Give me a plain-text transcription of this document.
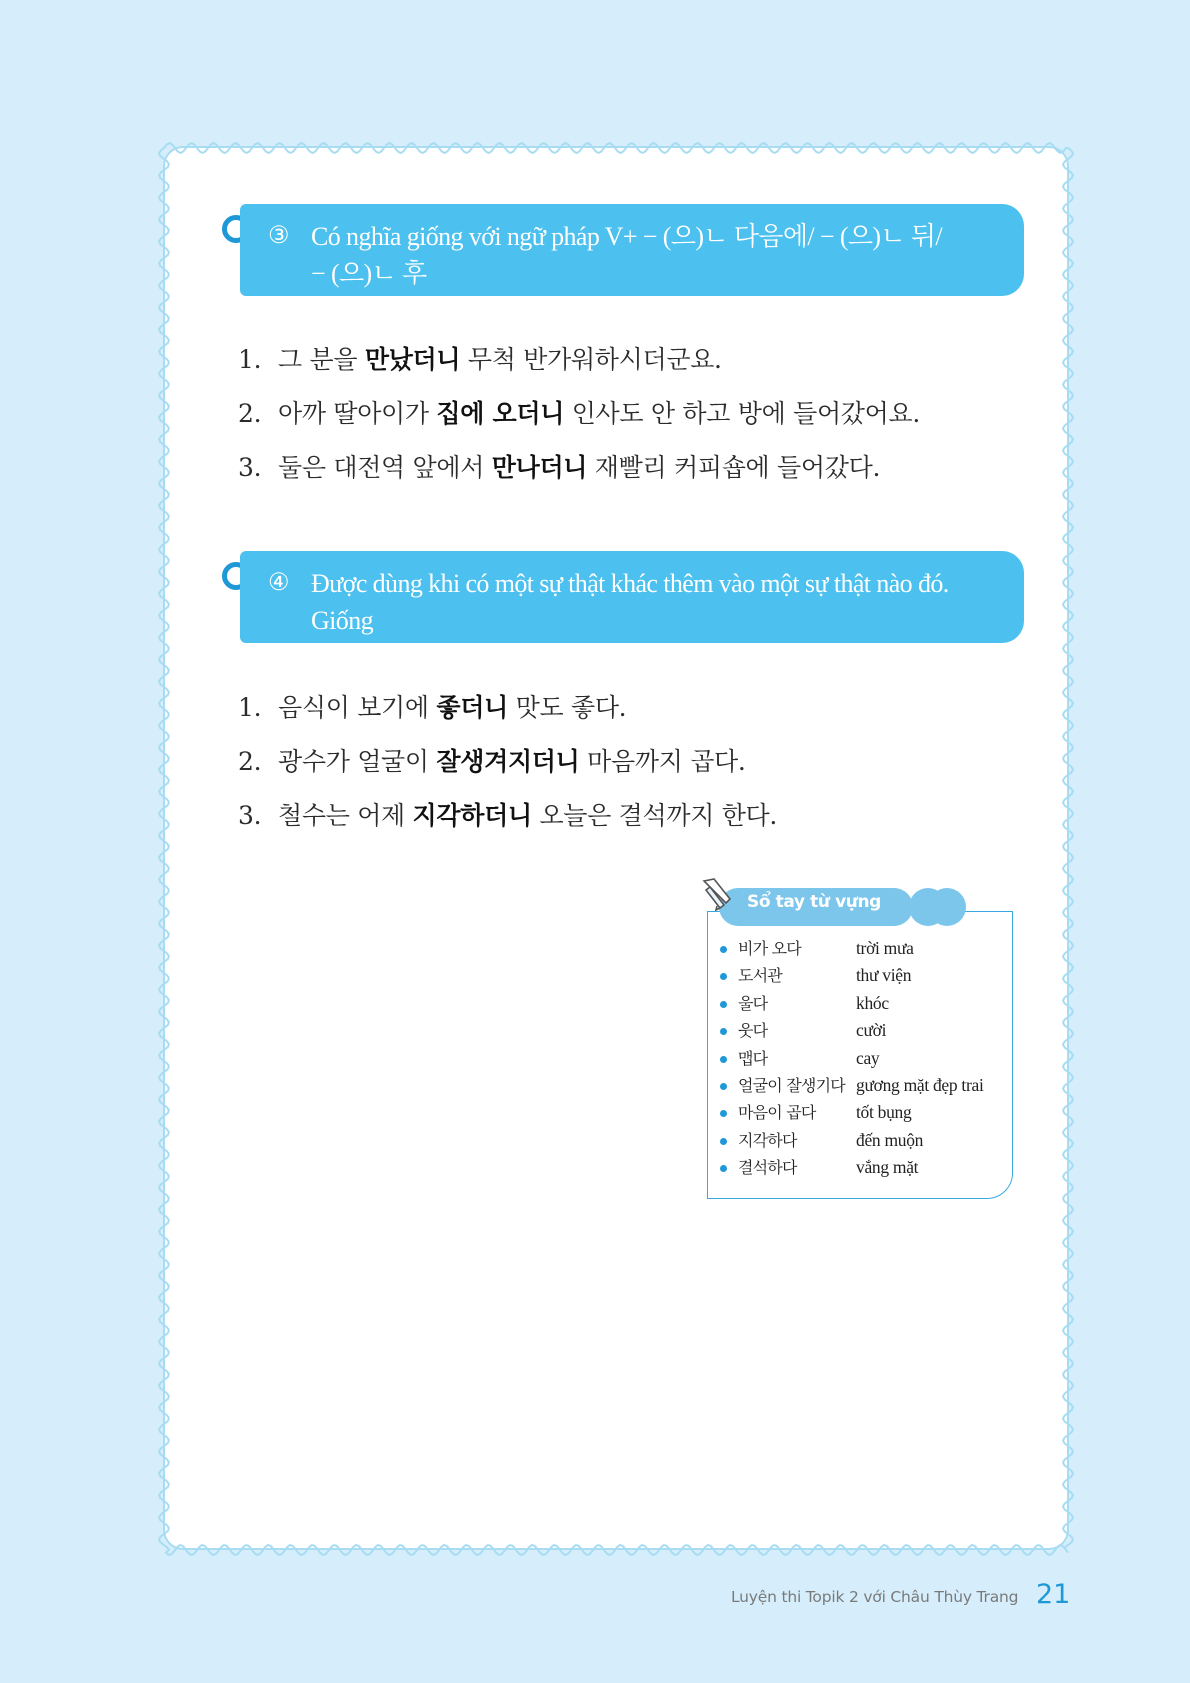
③ Có nghĩa giống với ngữ pháp V+ − (으)ㄴ 다음에/ − (으)ㄴ 뒤/
− (으)ㄴ 후
1. 그 분을 만났더니 무척 반가워하시더군요.
2. 아까 딸아이가 집에 오더니 인사도 안 하고 방에 들어갔어요.
3. 둘은 대전역 앞에서 만나더니 재빨리 커피숍에 들어갔다.
④ Được dùng khi có một sự thật khác thêm vào một sự thật nào đó. Giống
với −ㄴ/은/는 데다가 “không những.. mà còn”.
1. 음식이 보기에 좋더니 맛도 좋다.
2. 광수가 얼굴이 잘생겨지더니 마음까지 곱다.
3. 철수는 어제 지각하더니 오늘은 결석까지 한다.
Sổ tay từ vựng
비가 오다	trời mưa
도서관	thư viện
울다	khóc
웃다	cười
맵다	cay
얼굴이 잘생기다 gương mặt đẹp trai
마음이 곱다 tốt bụng
지각하다	đến muộn
결석하다	vắng mặt
Luyện thi Topik 2 với Châu Thùy Trang 21
